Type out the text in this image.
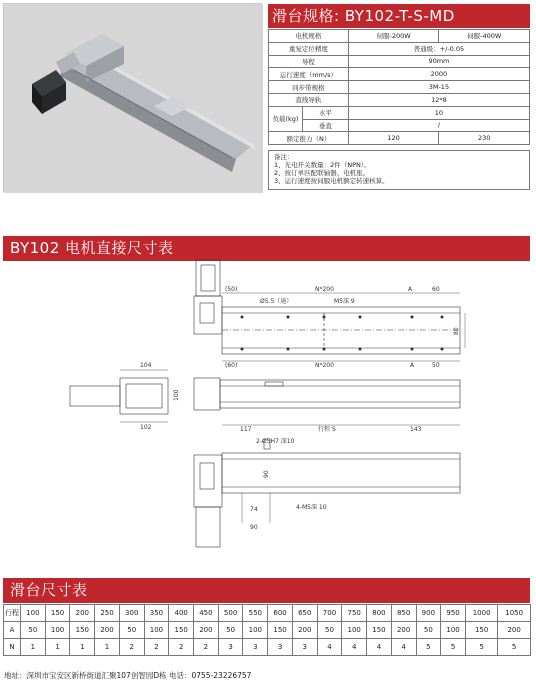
滑台规格: BY102-T-S-MD
电机规格		伺服-200W	伺服-400W
重复定位精度		普通级：+/-0.05	
导程		90mm	
运行速度（mm/s）		2000	
同步带规格		3M-15	
直线导轨		12*8	
负载(kg)	水平	10	
	垂直	/	
额定推力（N）		120	230
备注：
1、光电开关数量：2件（NPN）。
2、按订单匹配联轴器、电机座。
3、运行速度按伺服电机额定转速核算。
BY102 电机直接尺寸表
(50)	N*200	A	60
Ø5.5（通）	M5深 9
(60)	N*200	A	50
80
104
102
100
117	行程 S	143
2-Ø5H7 深10
90
74
90
4-M5深 10
滑台尺寸表
行程	100	150	200	250	300	350	400	450	500	550	600	650	700	750	800	850	900	950	1000	1050
A	50	100	150	200	50	100	150	200	50	100	150	200	50	100	150	200	50	100	150	200
N	1	1	1	1	2	2	2	2	3	3	3	3	4	4	4	4	5	5	5	5
地址：深圳市宝安区新桥街道汇聚107创智园D栋 电话：0755-23226757
